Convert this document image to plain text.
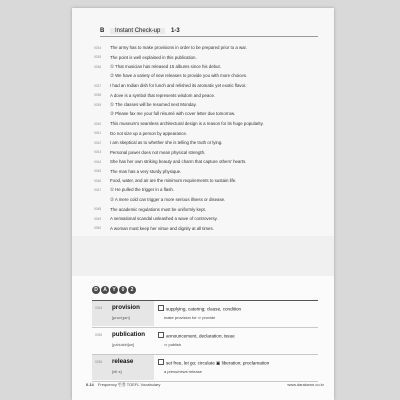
B Instant Check-up 1-3
0034	The army has to make provisions in order to be prepared prior to a war.
0035	The point is well explained in this publication.
0036	① That musician has released 15 albums since his debut.
② We have a variety of new releases to provide you with more choices.
0037	I had an Indian dish for lunch and relished its aromatic yet exotic flavor.
0038	A dove is a symbol that represents wisdom and peace.
0039	① The classes will be resumed next Monday.
② Please fax me your full résumé with cover letter due tomorrow.
0040	This museum's seamless architectural design is a reason for its huge popularity.
0041	Do not size up a person by appearance.
0042	I am skeptical as to whether she is telling the truth or lying.
0043	Personal power does not mean physical strength.
0044	She has her own striking beauty and charm that capture others' hearts.
0045	The man has a very sturdy physique.
0046	Food, water, and air are the minimum requirements to sustain life.
0047	① He pulled the trigger in a flash.
② A mere cold can trigger a more serious illness or disease.
0048	The academic regulations must be uniformly kept.
0049	A sensational scandal unleashed a wave of controversy.
0050	A woman must keep her virtue and dignity at all times.
D	A	Y	0	2
0034 provision
[prəvíʒən]
supplying, catering; clause, condition
make provision for ⇨ provide
0035 publication
[pʌ̀bləkéiʃən]
announcement, declaration; issue
⇨ publish
0036 release
[rilíːs]
set free, let go; circulate ▣ liberation; proclamation
a press/news release
0.14 Frequency 빈출 TOEFL Vocabulary	www.darakwon.co.kr
